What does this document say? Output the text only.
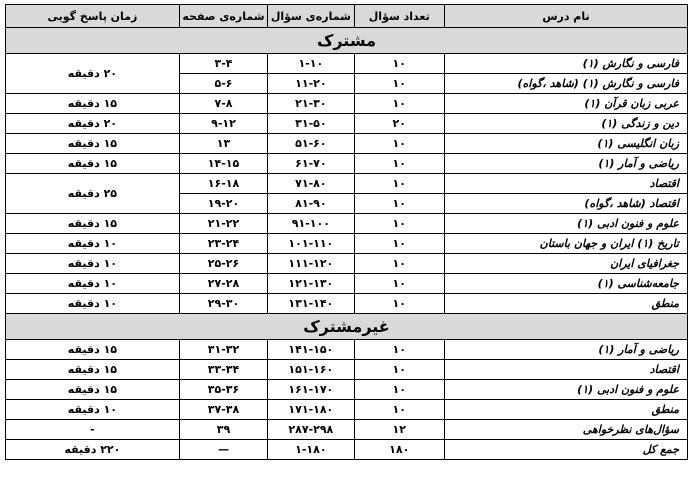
نام درس	تعداد سؤال	شماره‌ی سؤال	شماره‌ی صفحه	زمان پاسخ گویی
مشترک				
فارسی و نگارش (۱)	۱۰	۱-۱۰	۳-۴	۲۰ دقیقه
فارسی و نگارش (۱) (شاهد ،گواه)	۱۰	۱۱-۲۰	۵-۶	
عربی زبان قرآن (۱)	۱۰	۲۱-۳۰	۷-۸	۱۵ دقیقه
دین و زندگی (۱)	۲۰	۳۱-۵۰	۹-۱۲	۲۰ دقیقه
زبان انگلیسی (۱)	۱۰	۵۱-۶۰	۱۳	۱۵ دقیقه
ریاضی و آمار (۱)	۱۰	۶۱-۷۰	۱۴-۱۵	۱۵ دقیقه
اقتصاد	۱۰	۷۱-۸۰	۱۶-۱۸	۲۵ دقیقه
اقتصاد (شاهد ،گواه)	۱۰	۸۱-۹۰	۱۹-۲۰	
علوم و فنون ادبی (۱)	۱۰	۹۱-۱۰۰	۲۱-۲۲	۱۵ دقیقه
تاریخ (۱) ایران و جهان باستان	۱۰	۱۰۱-۱۱۰	۲۳-۲۴	۱۰ دقیقه
جغرافیای ایران	۱۰	۱۱۱-۱۲۰	۲۵-۲۶	۱۰ دقیقه
جامعه‌شناسی (۱)	۱۰	۱۲۱-۱۳۰	۲۷-۲۸	۱۰ دقیقه
منطق	۱۰	۱۳۱-۱۴۰	۲۹-۳۰	۱۰ دقیقه
غیرمشترک				
ریاضی و آمار (۱)	۱۰	۱۴۱-۱۵۰	۳۱-۳۲	۱۵ دقیقه
اقتصاد	۱۰	۱۵۱-۱۶۰	۳۳-۳۴	۱۵ دقیقه
علوم و فنون ادبی (۱)	۱۰	۱۶۱-۱۷۰	۳۵-۳۶	۱۵ دقیقه
منطق	۱۰	۱۷۱-۱۸۰	۳۷-۳۸	۱۰ دقیقه
سؤال‌های نظرخواهی	۱۲	۲۸۷-۲۹۸	۳۹	-
جمع کل	۱۸۰	۱-۱۸۰	—	۲۲۰ دقیقه
